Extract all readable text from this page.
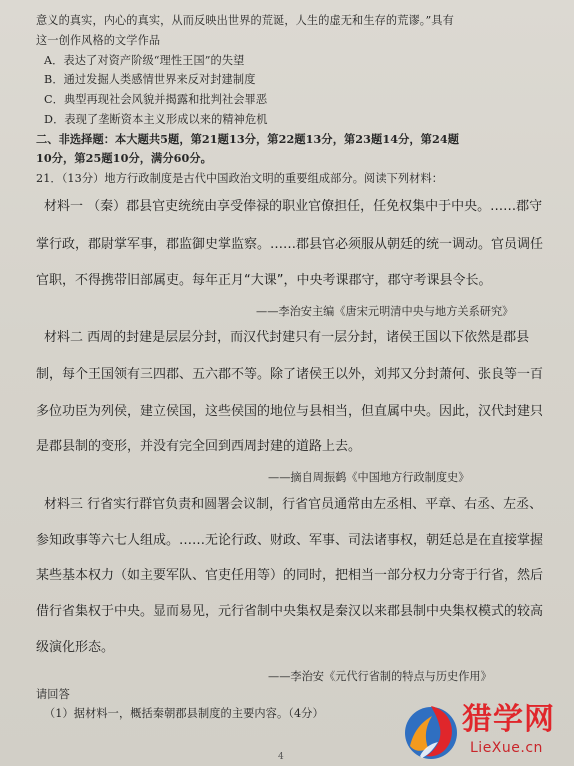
意义的真实，内心的真实，从而反映出世界的荒诞，人生的虚无和生存的荒谬。”具有
这一创作风格的文学作品
A．表达了对资产阶级“理性王国”的失望
B．通过发掘人类感情世界来反对封建制度
C．典型再现社会风貌并揭露和批判社会罪恶
D．表现了垄断资本主义形成以来的精神危机
二、非选择题：本大题共5题，第21题13分，第22题13分，第23题14分，第24题
10分，第25题10分，满分60分。
21．（13分）地方行政制度是古代中国政治文明的重要组成部分。阅读下列材料：
材料一 （秦）郡县官吏统统由享受俸禄的职业官僚担任，任免权集中于中央。……郡守
掌行政，郡尉掌军事，郡监御史掌监察。……郡县官必须服从朝廷的统一调动。官员调任
官职，不得携带旧部属吏。每年正月“大课”，中央考课郡守，郡守考课县令长。
——李治安主编《唐宋元明清中央与地方关系研究》
材料二 西周的封建是层层分封，而汉代封建只有一层分封，诸侯王国以下依然是郡县
制，每个王国领有三四郡、五六郡不等。除了诸侯王以外，刘邦又分封萧何、张良等一百
多位功臣为列侯，建立侯国，这些侯国的地位与县相当，但直属中央。因此，汉代封建只
是郡县制的变形，并没有完全回到西周封建的道路上去。
——摘自周振鹤《中国地方行政制度史》
材料三 行省实行群官负责和圆署会议制，行省官员通常由左丞相、平章、右丞、左丞、
参知政事等六七人组成。……无论行政、财政、军事、司法诸事权，朝廷总是在直接掌握
某些基本权力（如主要军队、官吏任用等）的同时，把相当一部分权力分寄于行省，然后
借行省集权于中央。显而易见，元行省制中央集权是秦汉以来郡县制中央集权模式的较高
级演化形态。
——李治安《元代行省制的特点与历史作用》
请回答
（1）据材料一，概括秦朝郡县制度的主要内容。（4分）
4
猎学网
LieXue.cn
